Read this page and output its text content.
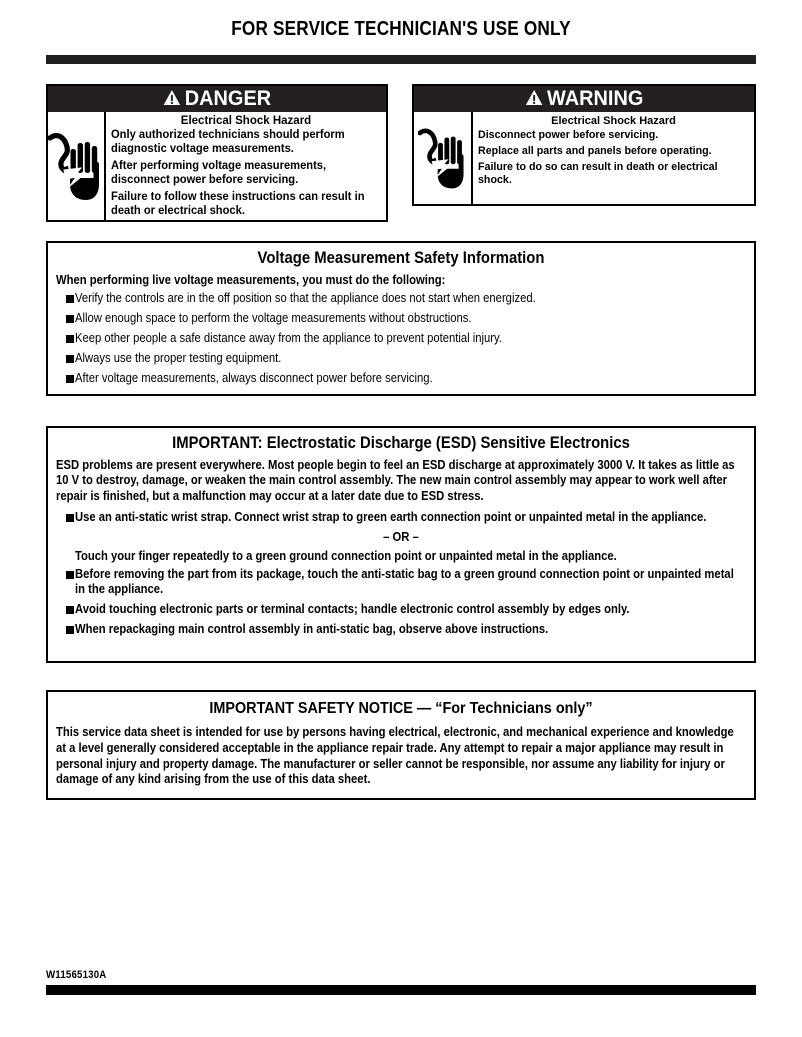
FOR SERVICE TECHNICIAN'S USE ONLY
DANGER
Electrical Shock Hazard
Only authorized technicians should perform diagnostic voltage measurements.
After performing voltage measurements, disconnect power before servicing.
Failure to follow these instructions can result in death or electrical shock.
WARNING
Electrical Shock Hazard
Disconnect power before servicing.
Replace all parts and panels before operating.
Failure to do so can result in death or electrical shock.
Voltage Measurement Safety Information
When performing live voltage measurements, you must do the following:
Verify the controls are in the off position so that the appliance does not start when energized.
Allow enough space to perform the voltage measurements without obstructions.
Keep other people a safe distance away from the appliance to prevent potential injury.
Always use the proper testing equipment.
After voltage measurements, always disconnect power before servicing.
IMPORTANT: Electrostatic Discharge (ESD) Sensitive Electronics
ESD problems are present everywhere. Most people begin to feel an ESD discharge at approximately 3000 V. It takes as little as 10 V to destroy, damage, or weaken the main control assembly. The new main control assembly may appear to work well after repair is finished, but a malfunction may occur at a later date due to ESD stress.
Use an anti-static wrist strap. Connect wrist strap to green earth connection point or unpainted metal in the appliance.
– OR –
Touch your finger repeatedly to a green ground connection point or unpainted metal in the appliance.
Before removing the part from its package, touch the anti-static bag to a green ground connection point or unpainted metal in the appliance.
Avoid touching electronic parts or terminal contacts; handle electronic control assembly by edges only.
When repackaging main control assembly in anti-static bag, observe above instructions.
IMPORTANT SAFETY NOTICE — “For Technicians only”
This service data sheet is intended for use by persons having electrical, electronic, and mechanical experience and knowledge at a level generally considered acceptable in the appliance repair trade. Any attempt to repair a major appliance may result in personal injury and property damage. The manufacturer or seller cannot be responsible, nor assume any liability for injury or damage of any kind arising from the use of this data sheet.
W11565130A
